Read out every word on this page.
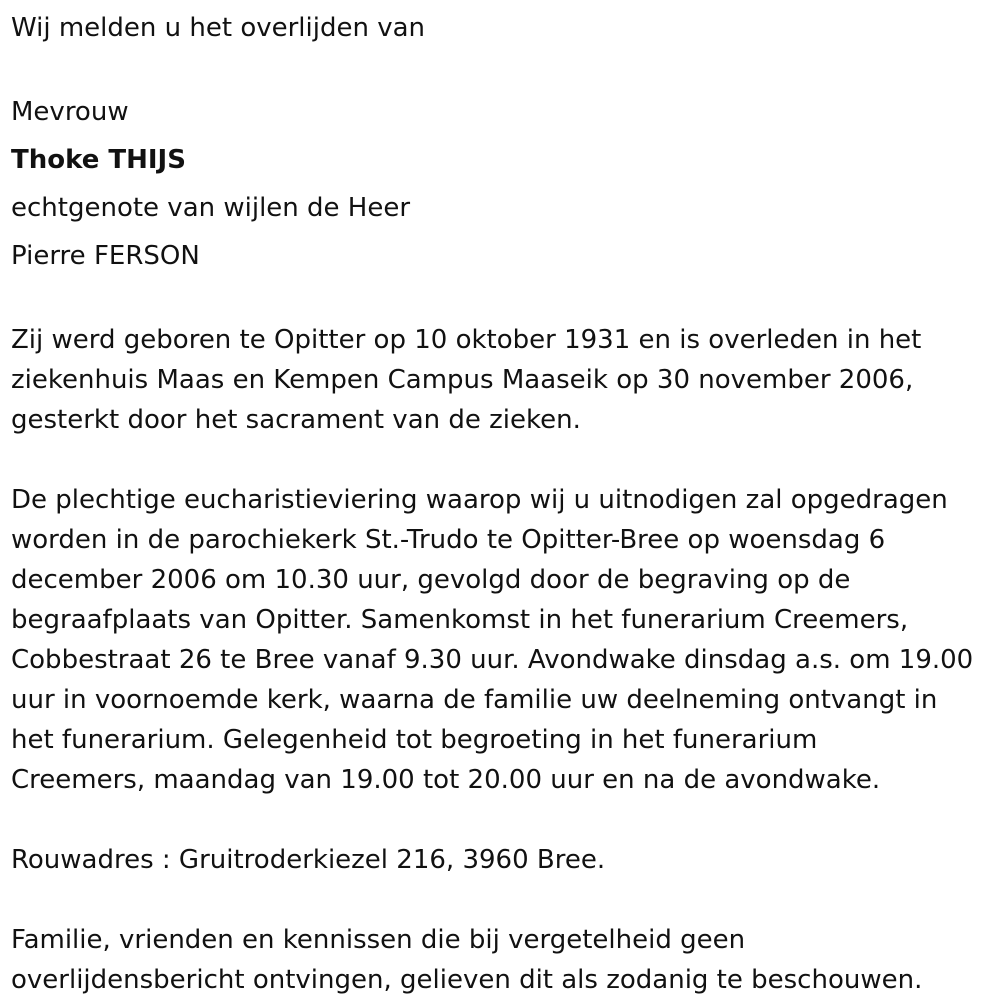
Wij melden u het overlijden van
Mevrouw
Thoke THIJS
echtgenote van wijlen de Heer
Pierre FERSON
Zij werd geboren te Opitter op 10 oktober 1931 en is overleden in het
ziekenhuis Maas en Kempen Campus Maaseik op 30 november 2006,
gesterkt door het sacrament van de zieken.
De plechtige eucharistieviering waarop wij u uitnodigen zal opgedragen
worden in de parochiekerk St.-Trudo te Opitter-Bree op woensdag 6
december 2006 om 10.30 uur, gevolgd door de begraving op de
begraafplaats van Opitter. Samenkomst in het funerarium Creemers,
Cobbestraat 26 te Bree vanaf 9.30 uur. Avondwake dinsdag a.s. om 19.00
uur in voornoemde kerk, waarna de familie uw deelneming ontvangt in
het funerarium. Gelegenheid tot begroeting in het funerarium
Creemers, maandag van 19.00 tot 20.00 uur en na de avondwake.
Rouwadres : Gruitroderkiezel 216, 3960 Bree.
Familie, vrienden en kennissen die bij vergetelheid geen
overlijdensbericht ontvingen, gelieven dit als zodanig te beschouwen.
